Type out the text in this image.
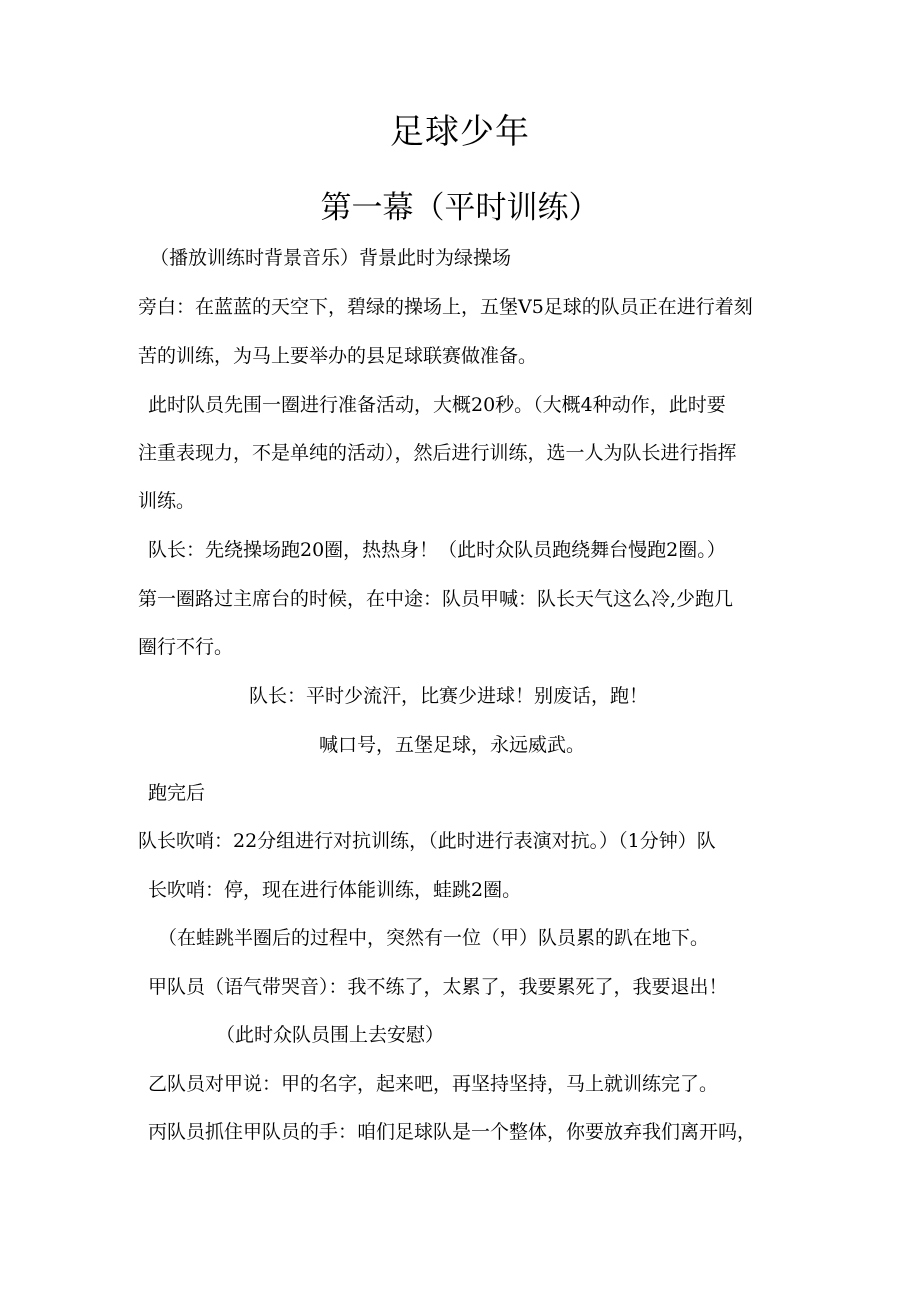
足球少年
第一幕（平时训练）
（播放训练时背景音乐）背景此时为绿操场
旁白：在蓝蓝的天空下，碧绿的操场上，五堡V5足球的队员正在进行着刻
苦的训练，为马上要举办的县足球联赛做准备。
此时队员先围一圈进行准备活动，大概20秒。（大概4种动作，此时要
注重表现力，不是单纯的活动），然后进行训练，选一人为队长进行指挥
训练。
队长：先绕操场跑20圈，热热身！（此时众队员跑绕舞台慢跑2圈。）
第一圈路过主席台的时候，在中途：队员甲喊：队长天气这么冷,少跑几
圈行不行。
队长：平时少流汗，比赛少进球！别废话，跑！
喊口号，五堡足球，永远威武。
跑完后
队长吹哨：22分组进行对抗训练，（此时进行表演对抗。）（1分钟）队
长吹哨：停，现在进行体能训练，蛙跳2圈。
（在蛙跳半圈后的过程中，突然有一位（甲）队员累的趴在地下。
甲队员（语气带哭音）：我不练了，太累了，我要累死了，我要退出！
（此时众队员围上去安慰）
乙队员对甲说：甲的名字，起来吧，再坚持坚持，马上就训练完了。
丙队员抓住甲队员的手：咱们足球队是一个整体，你要放弃我们离开吗，
